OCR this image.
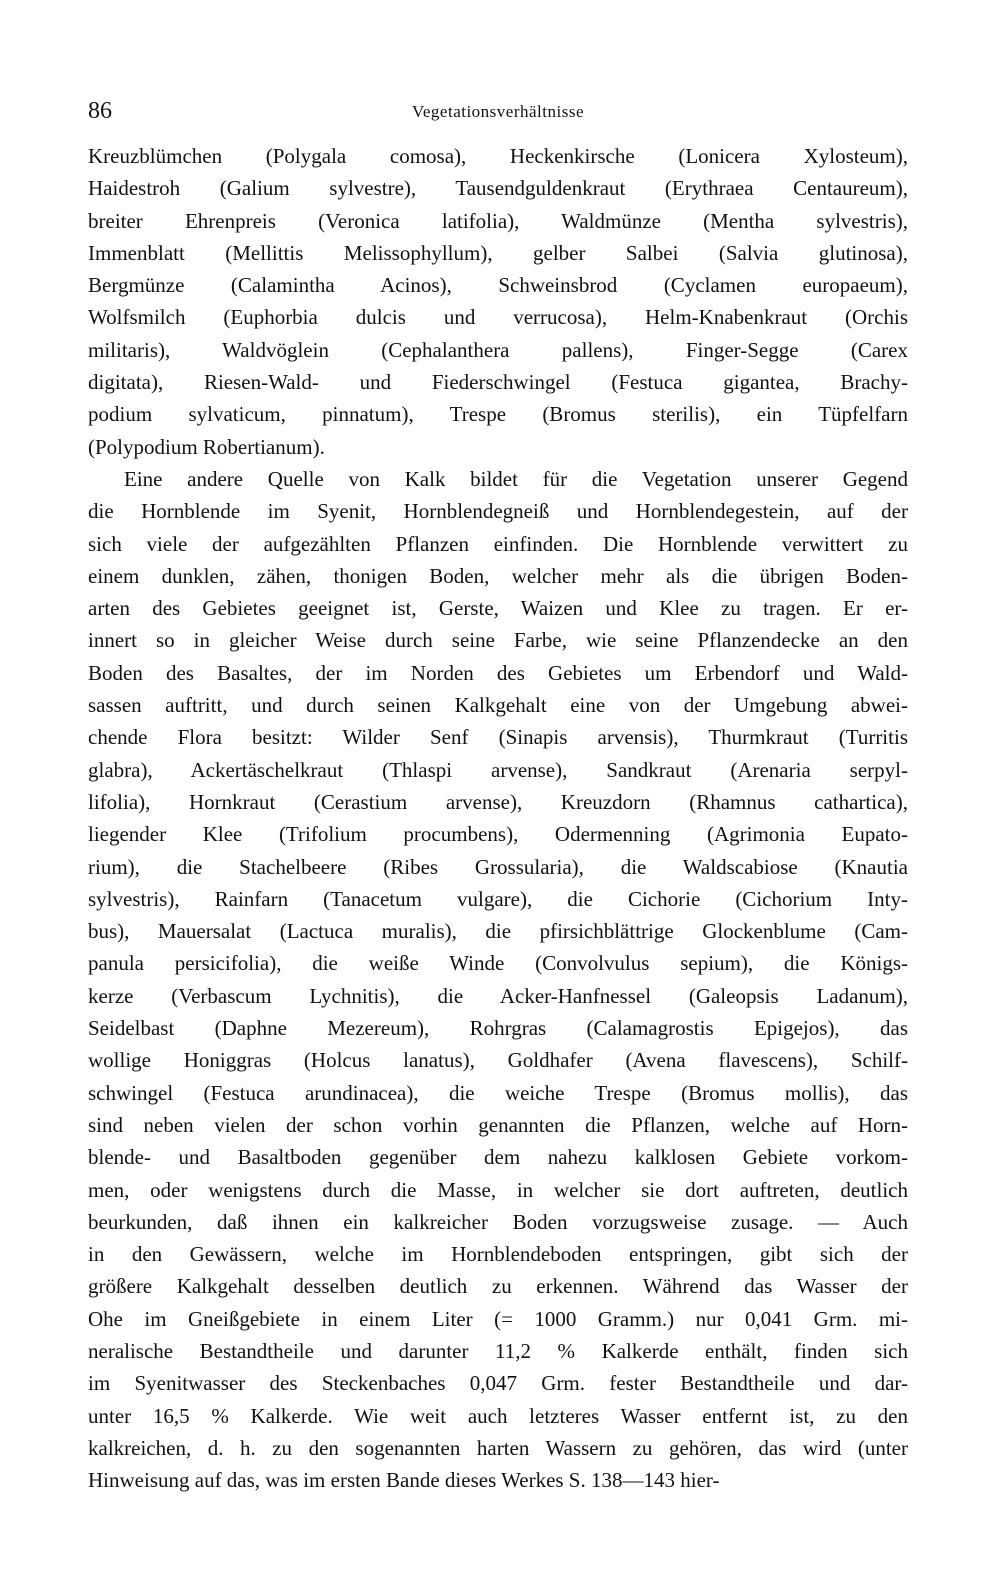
86	Vegetationsverhältnisse
Kreuzblümchen (Polygala comosa), Heckenkirsche (Lonicera Xylosteum),
Haidestroh (Galium sylvestre), Tausendguldenkraut (Erythraea Centaureum),
breiter Ehrenpreis (Veronica latifolia), Waldmünze (Mentha sylvestris),
Immenblatt (Mellittis Melissophyllum), gelber Salbei (Salvia glutinosa),
Bergmünze (Calamintha Acinos), Schweinsbrod (Cyclamen europaeum),
Wolfsmilch (Euphorbia dulcis und verrucosa), Helm-Knabenkraut (Orchis
militaris), Waldvöglein (Cephalanthera pallens), Finger-Segge (Carex
digitata), Riesen-Wald- und Fiederschwingel (Festuca gigantea, Brachy-
podium sylvaticum, pinnatum), Trespe (Bromus sterilis), ein Tüpfelfarn
(Polypodium Robertianum).
Eine andere Quelle von Kalk bildet für die Vegetation unserer Gegend
die Hornblende im Syenit, Hornblendegneiß und Hornblendegestein, auf der
sich viele der aufgezählten Pflanzen einfinden. Die Hornblende verwittert zu
einem dunklen, zähen, thonigen Boden, welcher mehr als die übrigen Boden-
arten des Gebietes geeignet ist, Gerste, Waizen und Klee zu tragen. Er er-
innert so in gleicher Weise durch seine Farbe, wie seine Pflanzendecke an den
Boden des Basaltes, der im Norden des Gebietes um Erbendorf und Wald-
sassen auftritt, und durch seinen Kalkgehalt eine von der Umgebung abwei-
chende Flora besitzt: Wilder Senf (Sinapis arvensis), Thurmkraut (Turritis
glabra), Ackertäschelkraut (Thlaspi arvense), Sandkraut (Arenaria serpyl-
lifolia), Hornkraut (Cerastium arvense), Kreuzdorn (Rhamnus cathartica),
liegender Klee (Trifolium procumbens), Odermenning (Agrimonia Eupato-
rium), die Stachelbeere (Ribes Grossularia), die Waldscabiose (Knautia
sylvestris), Rainfarn (Tanacetum vulgare), die Cichorie (Cichorium Inty-
bus), Mauersalat (Lactuca muralis), die pfirsichblättrige Glockenblume (Cam-
panula persicifolia), die weiße Winde (Convolvulus sepium), die Königs-
kerze (Verbascum Lychnitis), die Acker-Hanfnessel (Galeopsis Ladanum),
Seidelbast (Daphne Mezereum), Rohrgras (Calamagrostis Epigejos), das
wollige Honiggras (Holcus lanatus), Goldhafer (Avena flavescens), Schilf-
schwingel (Festuca arundinacea), die weiche Trespe (Bromus mollis), das
sind neben vielen der schon vorhin genannten die Pflanzen, welche auf Horn-
blende- und Basaltboden gegenüber dem nahezu kalklosen Gebiete vorkom-
men, oder wenigstens durch die Masse, in welcher sie dort auftreten, deutlich
beurkunden, daß ihnen ein kalkreicher Boden vorzugsweise zusage. — Auch
in den Gewässern, welche im Hornblendeboden entspringen, gibt sich der
größere Kalkgehalt desselben deutlich zu erkennen. Während das Wasser der
Ohe im Gneißgebiete in einem Liter (= 1000 Gramm.) nur 0,041 Grm. mi-
neralische Bestandtheile und darunter 11,2 % Kalkerde enthält, finden sich
im Syenitwasser des Steckenbaches 0,047 Grm. fester Bestandtheile und dar-
unter 16,5 % Kalkerde. Wie weit auch letzteres Wasser entfernt ist, zu den
kalkreichen, d. h. zu den sogenannten harten Wassern zu gehören, das wird (unter
Hinweisung auf das, was im ersten Bande dieses Werkes S. 138—143 hier-
